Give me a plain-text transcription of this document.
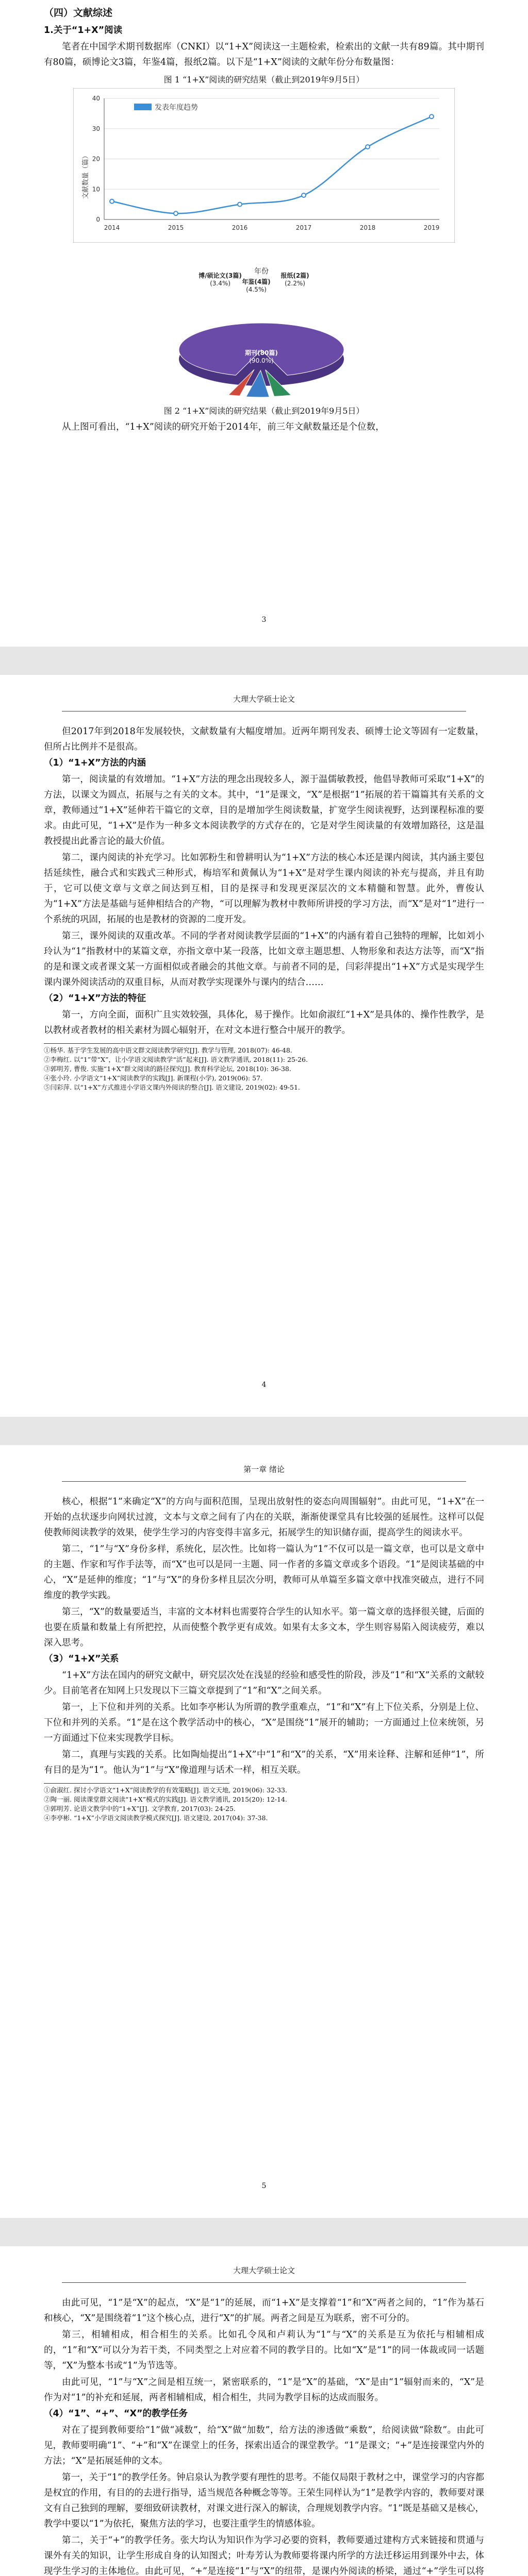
（四）文献综述
1.关于“1+X”阅读

笔者在中国学术期刊数据库（CNKI）以“1+X”阅读这一主题检索，检索出的文献一共有89篇。其中期刊有80篇，硕博论文3篇，年鉴4篇，报纸2篇。以下是“1+X”阅读的文献年份分布数量图：

图 1 “1+X”阅读的研究结果（截止到2019年9月5日）
0
10
20
30
40
2014	2015	2016	2017	2018	2019
发表年度趋势
文献数量（篇）
期刊(80篇)
(90.0%)
博/硕论文(3篇)
(3.4%) 年鉴(4篇)
(4.5%)
报纸(2篇)
(2.2%)
年份
图 2 “1+X”阅读的研究结果（截止到2019年9月5日）

从上图可看出，“1+X”阅读的研究开始于2014年，前三年文献数量还是个位数，

3
大理大学硕士论文

但2017年到2018年发展较快，文献数量有大幅度增加。近两年期刊发表、硕博士论文等固有一定数量，但所占比例并不是很高。

（1）“1+X”方法的内涵

第一，阅读量的有效增加。“1+X”方法的理念出现较多人，源于温儒敏教授，他倡导教师可采取“1+X”的方法，以课文为圆点，拓展与之有关的文本。其中，“1”是课文，“X”是根据“1”拓展的若干篇篇其有关系的文章，教师通过“1+X”延伸若干篇它的文章，目的是增加学生阅读数量，扩宽学生阅读视野，达到课程标准的要求。由此可见，“1+X”是作为一种多文本阅读教学的方式存在的，它是对学生阅读量的有效增加路径，这是温教授提出此番言论的最大价值。

第二，课内阅读的补充学习。比如郭粉生和曾耕明认为“1+X”方法的核心本还是课内阅读，其内涵主要包括延续性，融合式和实践式三种形式，梅培军和黄佩认为“1+X”是对学生课内阅读的补充与提高，并且有助于，它可以使文章与文章之间达到互相，目的是探寻和发现更深层次的文本精髓和智慧。此外，曹俊认为“1+X”方法是基础与延伸相结合的产物，“可以理解为教材中教师所讲授的学习方法，而“X”是对“1”进行一个系统的巩固，拓展的也是教材的资源的二度开发。

第三，课外阅读的双重改革。不同的学者对阅读教学层面的“1+X”的内涵有着自己独特的理解，比如刘小玲认为“1”指教材中的某篇文章，亦指文章中某一段落，比如文章主题思想、人物形象和表达方法等，而“X”指的是和课文或者课文某一方面相似或者融会的其他文章。与前者不同的是，闫彩萍提出“1+X”方式是实现学生课内课外阅读活动的双重目标，从而对教学实现课外与课内的结合……

（2）“1+X”方法的特征

第一，方向全面，面积广且实效较强，具体化，易于操作。比如俞淑红“1+X”是具体的、操作性教学，是以教材或者教材的相关素材为圆心辐射开，在对文本进行整合中展开的教学。

①杨华. 基于学生发展的高中语文群文阅读教学研究[J]. 教学与管理, 2018(07): 46-48.

②李梅红. 以“1”带“X”，让小学语文阅读教学“活”起来[J]. 语文教学通讯, 2018(11): 25-26.

③郭明芳, 曹俊. 实施“1+X”群文阅读的路径探究[J]. 教育科学论坛, 2018(10): 36-38.

④张小玲. 小学语文“1+X”阅读教学的实践[J]. 新课程(小学), 2019(06): 57.

⑤闫彩萍. 以“1+X”方式推进小学语文课内外阅读的整合[J]. 语文建设, 2019(02): 49-51.

4
第一章 绪论

核心，根据“1”来确定“X”的方向与面积范围，呈现出放射性的姿态向周围辐射”。由此可见，“1+X”在一开始的点状逐步向网状过渡，文本与文章之间有了内在的关联，渐渐使课堂具有比较强的延展性。这样可以促使教师阅读教学的效果，使学生学习的内容变得丰富多元，拓展学生的知识储存面，提高学生的阅读水平。

第二，“1”与“X”身份多样，系统化，层次性。比如将一篇认为“1”不仅可以是一篇文章，也可以是文章中的主题、作家和写作手法等，而“X”也可以是同一主题、同一作者的多篇文章或多个语段。“1”是阅读基础的中心，“X”是延伸的维度；“1”与“X”的身份多样且层次分明，教师可从单篇至多篇文章中找准突破点，进行不同维度的教学实践。

第三，“X”的数量要适当，丰富的文本材料也需要符合学生的认知水平。第一篇文章的选择很关键，后面的也要在质量和数量上有所把控，从而使整个教学更有成效。如果有太多文本，学生则容易陷入阅读疲劳，难以深入思考。

（3）“1+X”关系

“1+X”方法在国内的研究文献中，研究层次处在浅显的经验和感受性的阶段，涉及“1”和“X”关系的文献较少。目前笔者在知网上只发现以下三篇文章提到了“1”和“X”之间关系。

第一，上下位和并列的关系。比如李亭彬认为所谓的教学重难点，“1”和“X”有上下位关系，分别是上位、下位和并列的关系。“1”是在这个教学活动中的核心，“X”是围绕“1”展开的辅助；一方面通过上位来统领，另一方面通过下位来实现教学目标。

第二，真理与实践的关系。比如陶灿提出“1+X”中“1”和“X”的关系，“X”用来诠释、注解和延伸“1”，所有目的是为“1”。他认为“1”与“X”像道理与话术一样，相互关联。

①俞淑红. 探讨小学语文“1+X”阅读教学的有效策略[J]. 语文天地, 2019(06): 32-33.

②陶一丽. 阅读课堂群文阅读“1+X”模式的实践[J]. 语文教学通讯, 2015(20): 12-14.

③郭明芳. 论语文教学中的“1+X”[J]. 文学教育, 2017(03): 24-25.

④李亭彬. “1+X”小学语文阅读教学模式探究[J]. 语文建设, 2017(04): 37-38.

5
大理大学硕士论文

由此可见，“1”是“X”的起点，“X”是“1”的延展，而“1+X”是支撑着“1”和“X”两者之间的，“1”作为基石和核心，“X”是围绕着“1”这个核心点，进行“X”的扩展。两者之间是互为联系，密不可分的。

第三，相辅相成，相合相生的关系。比如孔令凤和卢莉认为“1”与“X”的关系是互为依托与相辅相成的，“1”和“X”可以分为若干类，不同类型之上对应着不同的教学目的。比如“X”是“1”的同一体裁或同一话题等，“X”为整本书或“1”为节选等。

由此可见，“1”与“X”之间是相互统一，紧密联系的，“1”是“X”的基础，“X”是由“1”辐射而来的，“X”是作为对“1”的补充和延展，两者相辅相成，相合相生，共同为教学目标的达成而服务。

（4）“1”、“+”、“X”的教学任务

对在了提到教师要给“1”做“减数”，给“X”做“加数”，给方法的渗透做“乘数”，给阅读做“除数”。由此可见，教师要明确“1”、“+”和“X”在课堂上的任务，探索出适合的课堂教学。“1”是课文；“+”是连接课堂内外的方法；“X”是拓展延伸的文本。

第一，关于“1”的教学任务。钟启泉认为教学要有理性的思考。不能仅局限于教材之中，课堂学习的内容都是权宜的作用，有目的的去进行指导，适当规范各种概念等等。王荣生同样认为“1”是教学内容的，教师要对课文有自己独到的理解，要细致研读教材，对课文进行深入的解读，合理规划教学内容。“1”既是基础又是核心，教学中要以“1”为依托，聚焦方法的学习，也要注重学生的情感体验。

第二，关于“+”的教学任务。张大均认为知识作为学习必要的资料，教师要通过建构方式来链接和贯通与课外有关的知识，让学生形成自身的认知图式；叶寿芳认为教师要将课内所学的方法迁移运用到课外中去，体现学生学习的主体地位。由此可见，“+”是连接“1”与“X”的纽带，是课内外阅读的桥梁，通过“+”学生可以将
